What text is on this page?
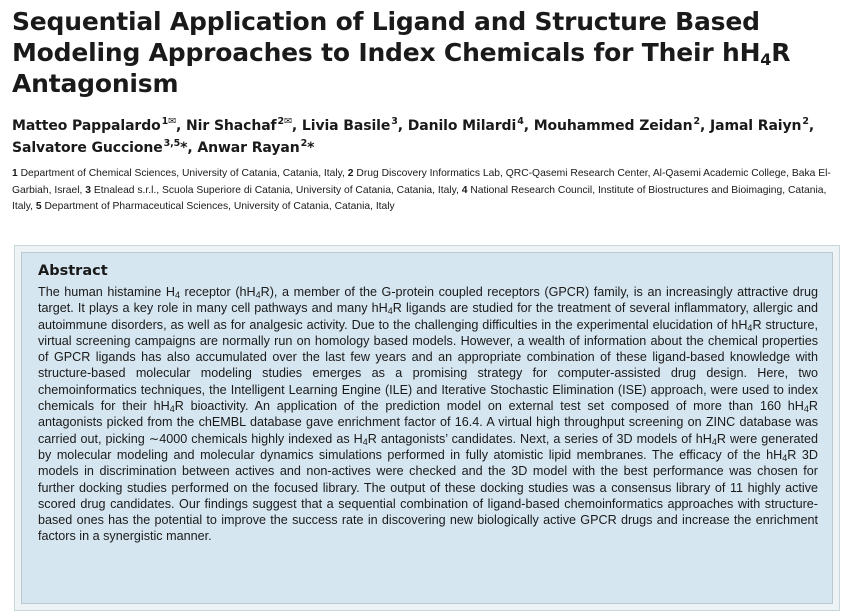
Sequential Application of Ligand and Structure Based Modeling Approaches to Index Chemicals for Their $hH_4R$ Antagonism
Matteo Pappalardo$^{1✉}$, Nir Shachaf$^{2✉}$, Livia Basile$^3$, Danilo Milardi$^4$, Mouhammed Zeidan$^2$, Jamal Raiyn$^2$, Salvatore Guccione$^{3,5}$*, Anwar Rayan$^2$*
1 Department of Chemical Sciences, University of Catania, Catania, Italy, 2 Drug Discovery Informatics Lab, QRC-Qasemi Research Center, Al-Qasemi Academic College, Baka El-Garbiah, Israel, 3 Etnalead s.r.l., Scuola Superiore di Catania, University of Catania, Catania, Italy, 4 National Research Council, Institute of Biostructures and Bioimaging, Catania, Italy, 5 Department of Pharmaceutical Sciences, University of Catania, Catania, Italy
Abstract

The human histamine $H_4$ receptor $(hH_4R)$, a member of the G-protein coupled receptors (GPCR) family, is an increasingly attractive drug target. It plays a key role in many cell pathways and many $hH_4R$ ligands are studied for the treatment of several inflammatory, allergic and autoimmune disorders, as well as for analgesic activity. Due to the challenging difficulties in the experimental elucidation of $hH_4R$ structure, virtual screening campaigns are normally run on homology based models. However, a wealth of information about the chemical properties of GPCR ligands has also accumulated over the last few years and an appropriate combination of these ligand-based knowledge with structure-based molecular modeling studies emerges as a promising strategy for computer-assisted drug design. Here, two chemoinformatics techniques, the Intelligent Learning Engine (ILE) and Iterative Stochastic Elimination (ISE) approach, were used to index chemicals for their $hH_4R$ bioactivity. An application of the prediction model on external test set composed of more than 160 $hH_4R$ antagonists picked from the chEMBL database gave enrichment factor of 16.4. A virtual high throughput screening on ZINC database was carried out, picking ∼4000 chemicals highly indexed as $H_4R$ antagonists’ candidates. Next, a series of 3D models of $hH_4R$ were generated by molecular modeling and molecular dynamics simulations performed in fully atomistic lipid membranes. The efficacy of the $hH_4R$ 3D models in discrimination between actives and non-actives were checked and the 3D model with the best performance was chosen for further docking studies performed on the focused library. The output of these docking studies was a consensus library of 11 highly active scored drug candidates. Our findings suggest that a sequential combination of ligand-based chemoinformatics approaches with structure-based ones has the potential to improve the success rate in discovering new biologically active GPCR drugs and increase the enrichment factors in a synergistic manner.
